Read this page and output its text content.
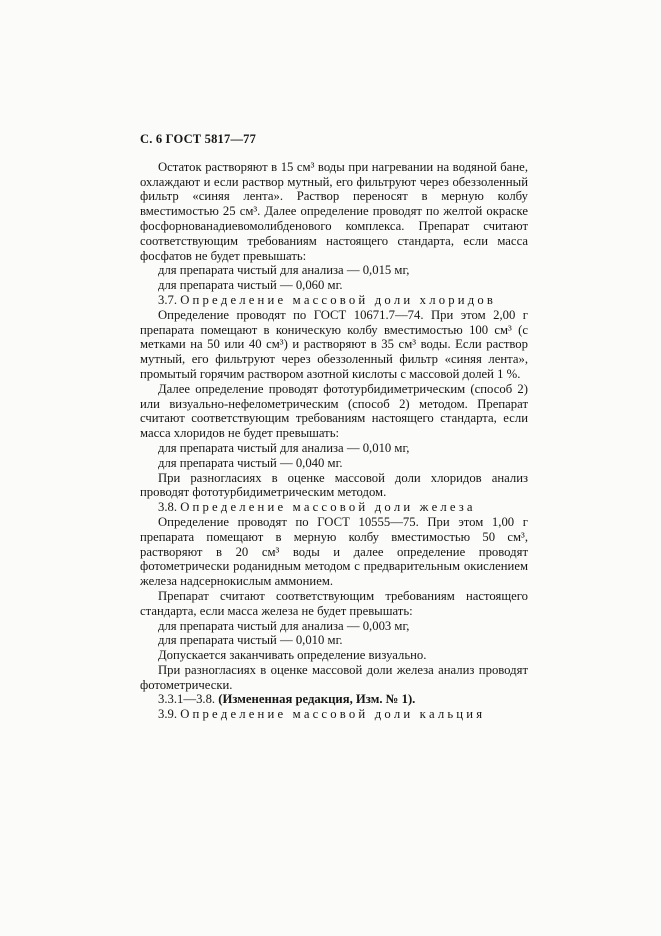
С. 6 ГОСТ 5817—77

Остаток растворяют в 15 см³ воды при нагревании на водяной бане, охлаждают и если раствор мутный, его фильтруют через обеззоленный фильтр «синяя лента». Раствор переносят в мерную колбу вместимостью 25 см³. Далее определение проводят по желтой окраске фосфорнованадиевомолибденового комплекса. Препарат считают соответствующим требованиям настоящего стандарта, если масса фосфатов не будет превышать:

для препарата чистый для анализа — 0,015 мг,

для препарата чистый — 0,060 мг.

3.7. О п р е д е л е н и е   м а с с о в о й   д о л и   х л о р и д о в

Определение проводят по ГОСТ 10671.7—74. При этом 2,00 г препарата помещают в коническую колбу вместимостью 100 см³ (с метками на 50 или 40 см³) и растворяют в 35 см³ воды. Если раствор мутный, его фильтруют через обеззоленный фильтр «синяя лента», промытый горячим раствором азотной кислоты с массовой долей 1 %.

Далее определение проводят фототурбидиметрическим (способ 2) или визуально-нефелометрическим (способ 2) методом. Препарат считают соответствующим требованиям настоящего стандарта, если масса хлоридов не будет превышать:

для препарата чистый для анализа — 0,010 мг,

для препарата чистый — 0,040 мг.

При разногласиях в оценке массовой доли хлоридов анализ проводят фототурбидиметрическим методом.

3.8. О п р е д е л е н и е   м а с с о в о й   д о л и   ж е л е з а

Определение проводят по ГОСТ 10555—75. При этом 1,00 г препарата помещают в мерную колбу вместимостью 50 см³, растворяют в 20 см³ воды и далее определение проводят фотометрически роданидным методом с предварительным окислением железа надсернокислым аммонием.

Препарат считают соответствующим требованиям настоящего стандарта, если масса железа не будет превышать:

для препарата чистый для анализа — 0,003 мг,

для препарата чистый — 0,010 мг.

Допускается заканчивать определение визуально.

При разногласиях в оценке массовой доли железа анализ проводят фотометрически.

3.3.1—3.8. (Измененная редакция, Изм. № 1).

3.9. О п р е д е л е н и е   м а с с о в о й   д о л и   к а л ь ц и я
